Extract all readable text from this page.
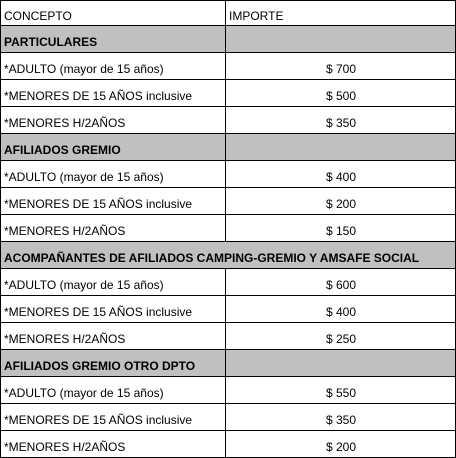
CONCEPTO	IMPORTE
PARTICULARES	
*ADULTO (mayor de 15 años)	$ 700
*MENORES DE 15 AÑOS inclusive	$ 500
*MENORES H/2AÑOS	$ 350
AFILIADOS GREMIO	
*ADULTO (mayor de 15 años)	$ 400
*MENORES DE 15 AÑOS inclusive	$ 200
*MENORES H/2AÑOS	$ 150
ACOMPAÑANTES DE AFILIADOS CAMPING-GREMIO Y AMSAFE SOCIAL	
*ADULTO (mayor de 15 años)	$ 600
*MENORES DE 15 AÑOS inclusive	$ 400
*MENORES H/2AÑOS	$ 250
AFILIADOS GREMIO OTRO DPTO	
*ADULTO (mayor de 15 años)	$ 550
*MENORES DE 15 AÑOS inclusive	$ 350
*MENORES H/2AÑOS	$ 200
